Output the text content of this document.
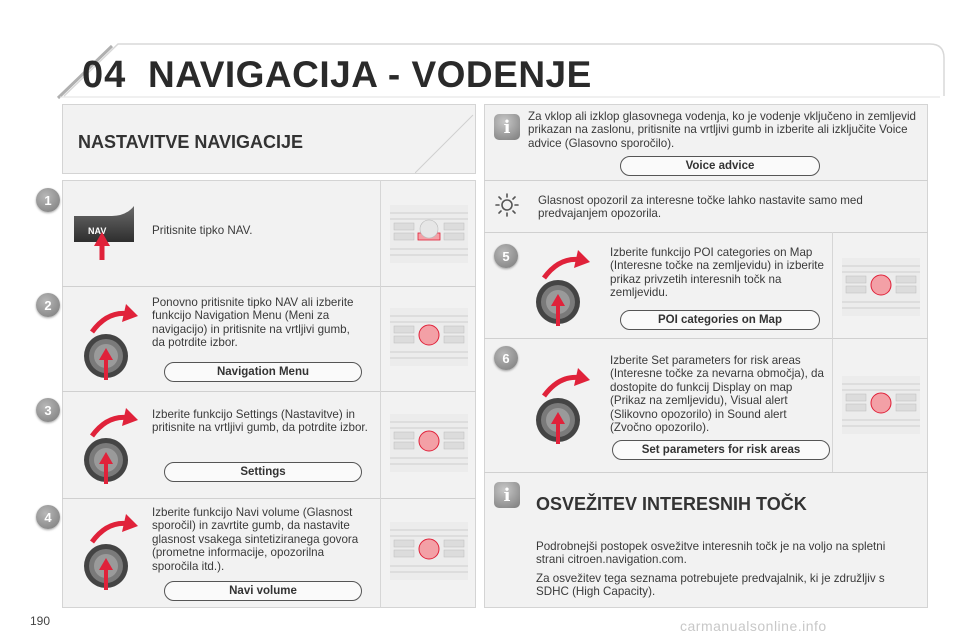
04 NAVIGACIJA - VODENJE
NASTAVITVE NAVIGACIJE
1
2
3
4
NAV	Pritisnite tipko NAV.
Ponovno pritisnite tipko NAV ali izberite funkcijo Navigation Menu (Meni za navigacijo) in pritisnite na vrtljivi gumb, da potrdite izbor.
Navigation Menu
Izberite funkcijo Settings (Nastavitve) in pritisnite na vrtljivi gumb, da potrdite izbor.
Settings
Izberite funkcijo Navi volume (Glasnost sporočil) in zavrtite gumb, da nastavite glasnost vsakega sintetiziranega govora (prometne informacije, opozorilna sporočila itd.).
Navi volume
i	Za vklop ali izklop glasovnega vodenja, ko je vodenje vključeno in zemljevid prikazan na zaslonu, pritisnite na vrtljivi gumb in izberite ali izključite Voice advice (Glasovno sporočilo).
Voice advice
Glasnost opozoril za interesne točke lahko nastavite samo med predvajanjem opozorila.
5
6
Izberite funkcijo POI categories on Map (Interesne točke na zemljevidu) in izberite prikaz privzetih interesnih točk na zemljevidu.
POI categories on Map
Izberite Set parameters for risk areas (Interesne točke za nevarna območja), da dostopite do funkcij Display on map (Prikaz na zemljevidu), Visual alert (Slikovno opozorilo) in Sound alert (Zvočno opozorilo).
Set parameters for risk areas
i	OSVEŽITEV INTERESNIH TOČK
Podrobnejši postopek osvežitve interesnih točk je na voljo na spletni strani citroen.navigation.com.
Za osvežitev tega seznama potrebujete predvajalnik, ki je združljiv s SDHC (High Capacity).
190	carmanualsonline.info
